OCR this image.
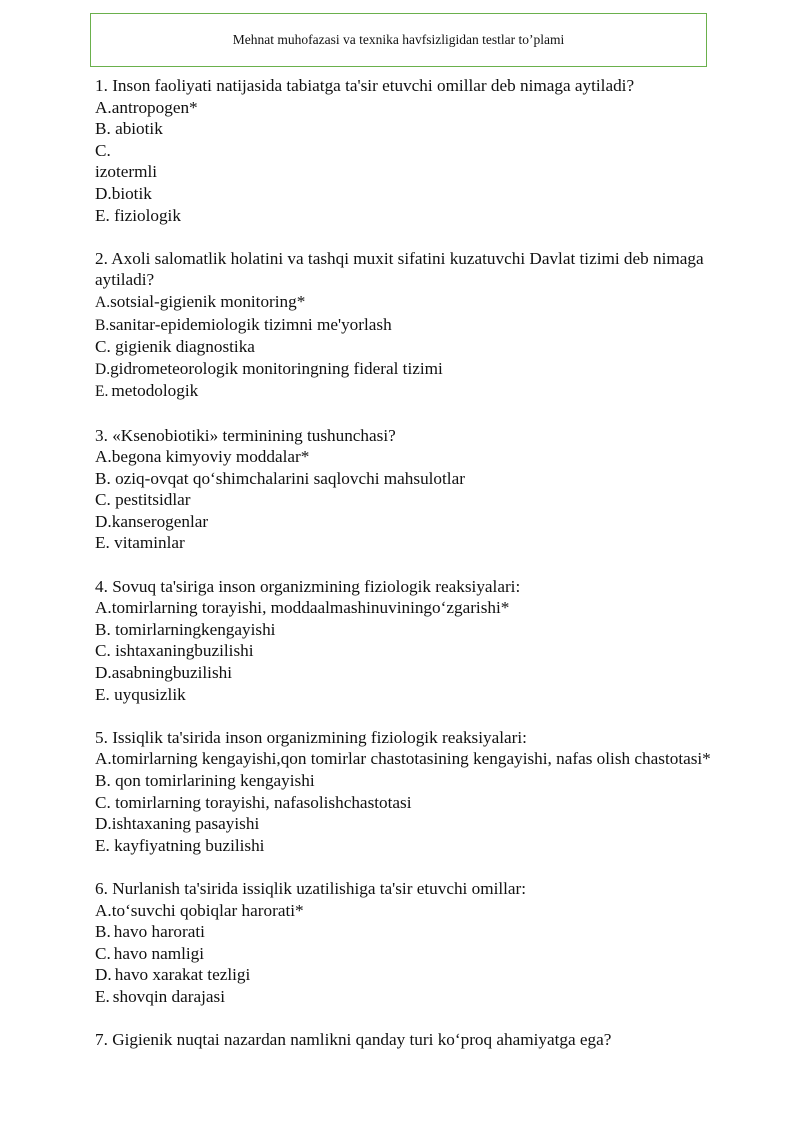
Mehnat muhofazasi va texnika havfsizligidan testlar to’plami
1. Inson faoliyati natijasida tabiatga ta'sir etuvchi omillar deb nimaga aytiladi?
A.antropogen*
B. abiotik
C.
izotermli
D.biotik
E. fiziologik
2. Axoli salomatlik holatini va tashqi muxit sifatini kuzatuvchi Davlat tizimi deb nimaga aytiladi?
A.sotsial-gigienik monitoring*
B.sanitar-epidemiologik tizimni me'yorlash
C. gigienik diagnostika
D.gidrometeorologik monitoringning fideral tizimi
E. metodologik
3. «Ksenobiotiki» terminining tushunchasi?
A.begona kimyoviy moddalar*
B. oziq-ovqat qo‘shimchalarini saqlovchi mahsulotlar
C. pestitsidlar
D.kanserogenlar
E. vitaminlar
4. Sovuq ta'siriga inson organizmining fiziologik reaksiyalari:
A.tomirlarning torayishi, moddaalmashinuviningo‘zgarishi*
B. tomirlarningkengayishi
C. ishtaxaningbuzilishi
D.asabningbuzilishi
E. uyqusizlik
5. Issiqlik ta'sirida inson organizmining fiziologik reaksiyalari:
A.tomirlarning kengayishi,qon tomirlar chastotasining kengayishi, nafas olish chastotasi*
B. qon tomirlarining kengayishi
C. tomirlarning torayishi, nafasolishchastotasi
D.ishtaxaning pasayishi
E. kayfiyatning buzilishi
6. Nurlanish ta'sirida issiqlik uzatilishiga ta'sir etuvchi omillar:
A.to‘suvchi qobiqlar harorati*
B. havo harorati
C. havo namligi
D. havo xarakat tezligi
E. shovqin darajasi
7. Gigienik nuqtai nazardan namlikni qanday turi ko‘proq ahamiyatga ega?
